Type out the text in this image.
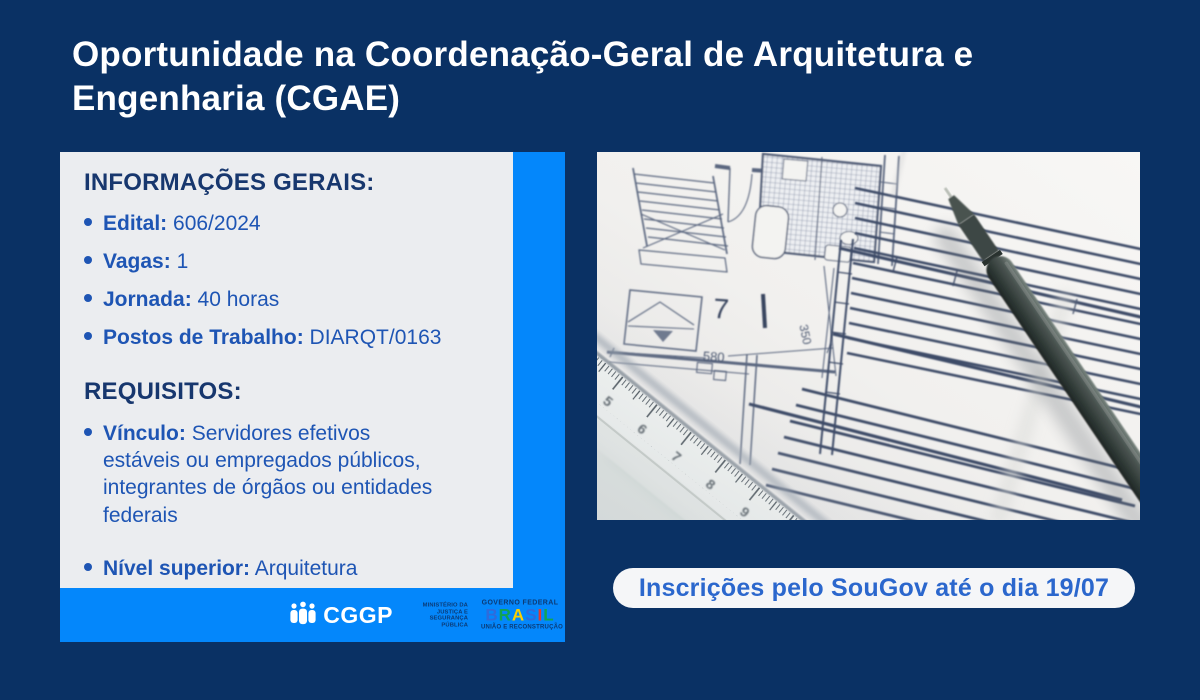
Oportunidade na Coordenação-Geral de Arquitetura e Engenharia (CGAE)
INFORMAÇÕES GERAIS:
Edital: 606/2024
Vagas: 1
Jornada: 40 horas
Postos de Trabalho: DIARQT/0163
REQUISITOS:
Vínculo: Servidores efetivos estáveis ou empregados públicos, integrantes de órgãos ou entidades federais
Nível superior: Arquitetura
CGGP	MINISTÉRIO DA
JUSTIÇA E
SEGURANÇA PÚBLICA
GOVERNO FEDERAL
BRASIL
UNIÃO E RECONSTRUÇÃO
Inscrições pelo SouGov até o dia 19/07
